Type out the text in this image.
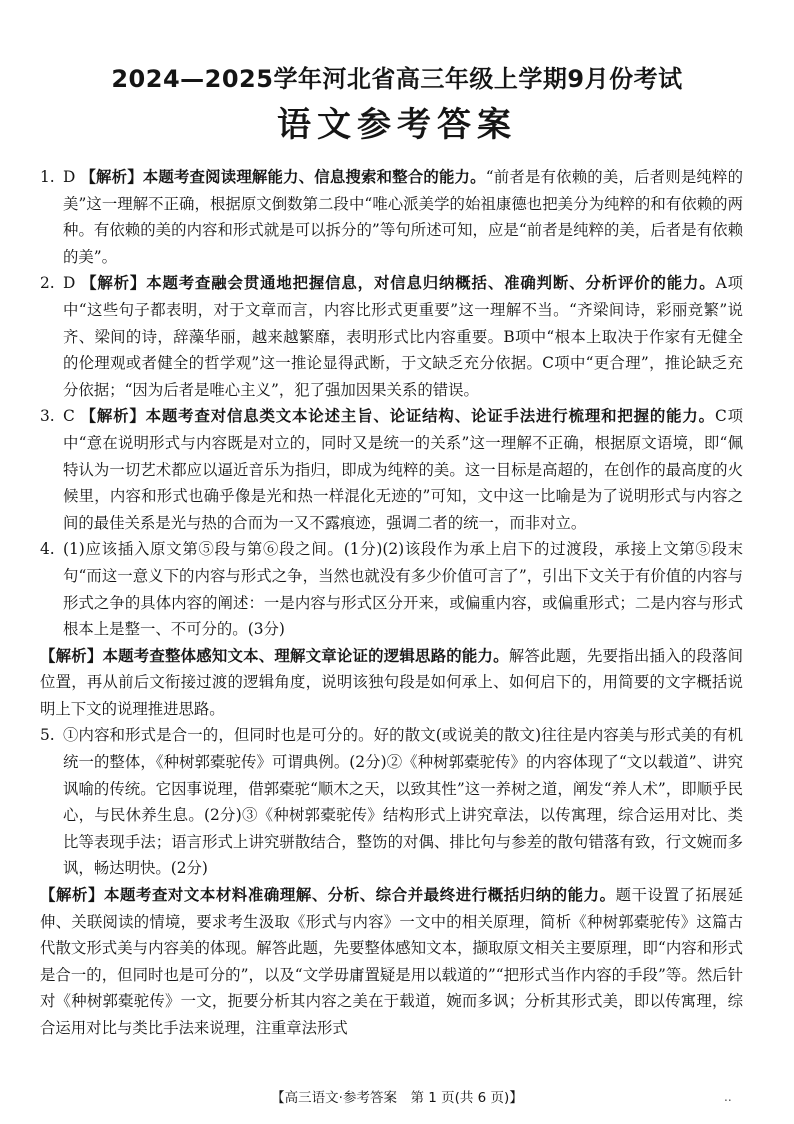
2024—2025学年河北省高三年级上学期9月份考试
语文参考答案
1. D 【解析】本题考查阅读理解能力、信息搜索和整合的能力。“前者是有依赖的美，后者则是纯粹的美”这一理解不正确，根据原文倒数第二段中“唯心派美学的始祖康德也把美分为纯粹的和有依赖的两种。有依赖的美的内容和形式就是可以拆分的”等句所述可知，应是“前者是纯粹的美，后者是有依赖的美”。
2. D 【解析】本题考查融会贯通地把握信息，对信息归纳概括、准确判断、分析评价的能力。A项中“这些句子都表明，对于文章而言，内容比形式更重要”这一理解不当。“齐梁间诗，彩丽竞繁”说齐、梁间的诗，辞藻华丽，越来越繁靡，表明形式比内容重要。B项中“根本上取决于作家有无健全的伦理观或者健全的哲学观”这一推论显得武断，于文缺乏充分依据。C项中“更合理”，推论缺乏充分依据；“因为后者是唯心主义”，犯了强加因果关系的错误。
3. C 【解析】本题考查对信息类文本论述主旨、论证结构、论证手法进行梳理和把握的能力。C项中“意在说明形式与内容既是对立的，同时又是统一的关系”这一理解不正确，根据原文语境，即“佩特认为一切艺术都应以逼近音乐为指归，即成为纯粹的美。这一目标是高超的，在创作的最高度的火候里，内容和形式也确乎像是光和热一样混化无迹的”可知，文中这一比喻是为了说明形式与内容之间的最佳关系是光与热的合而为一又不露痕迹，强调二者的统一，而非对立。
4. (1)应该插入原文第⑤段与第⑥段之间。(1分)(2)该段作为承上启下的过渡段，承接上文第⑤段末句“而这一意义下的内容与形式之争，当然也就没有多少价值可言了”，引出下文关于有价值的内容与形式之争的具体内容的阐述：一是内容与形式区分开来，或偏重内容，或偏重形式；二是内容与形式根本上是整一、不可分的。(3分)
【解析】本题考查整体感知文本、理解文章论证的逻辑思路的能力。解答此题，先要指出插入的段落间位置，再从前后文衔接过渡的逻辑角度，说明该独句段是如何承上、如何启下的，用简要的文字概括说明上下文的说理推进思路。
5. ①内容和形式是合一的，但同时也是可分的。好的散文(或说美的散文)往往是内容美与形式美的有机统一的整体，《种树郭橐驼传》可谓典例。(2分)②《种树郭橐驼传》的内容体现了“文以载道”、讲究讽喻的传统。它因事说理，借郭橐驼“顺木之天，以致其性”这一养树之道，阐发“养人术”，即顺乎民心，与民休养生息。(2分)③《种树郭橐驼传》结构形式上讲究章法，以传寓理，综合运用对比、类比等表现手法；语言形式上讲究骈散结合，整饬的对偶、排比句与参差的散句错落有致，行文婉而多讽，畅达明快。(2分)
【解析】本题考查对文本材料准确理解、分析、综合并最终进行概括归纳的能力。题干设置了拓展延伸、关联阅读的情境，要求考生汲取《形式与内容》一文中的相关原理，简析《种树郭橐驼传》这篇古代散文形式美与内容美的体现。解答此题，先要整体感知文本，撷取原文相关主要原理，即“内容和形式是合一的，但同时也是可分的”，以及“文学毋庸置疑是用以载道的”“把形式当作内容的手段”等。然后针对《种树郭橐驼传》一文，扼要分析其内容之美在于载道，婉而多讽；分析其形式美，即以传寓理，综合运用对比与类比手法来说理，注重章法形式
【高三语文·参考答案　第 1 页(共 6 页)】	..
